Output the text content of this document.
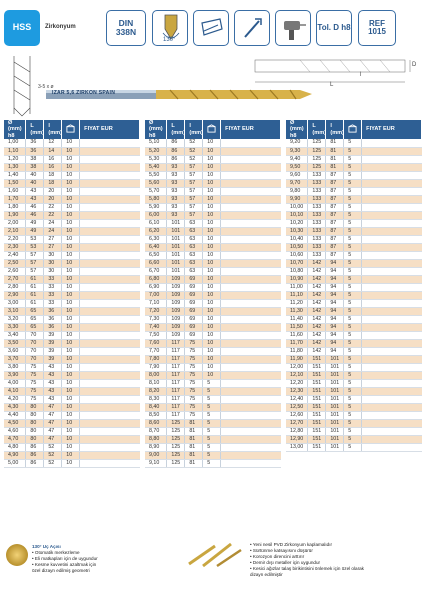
HSS	Zirkonyum	DIN 338N
130°
Tol. D h8	REF 1015
3-5 x ø
IZAR 5,6 ZIRKON SPAIN
D
L
l
Ø (mm) h8	L (mm)	l (mm)		FIYAT EUR
1,00	36	12	10	
1,10	36	14	10	
1,20	38	16	10	
1,30	38	16	10	
1,40	40	18	10	
1,50	40	18	10	
1,60	43	20	10	
1,70	43	20	10	
1,80	46	22	10	
1,90	46	22	10	
2,00	49	24	10	
2,10	49	24	10	
2,20	53	27	10	
2,30	53	27	10	
2,40	57	30	10	
2,50	57	30	10	
2,60	57	30	10	
2,70	61	33	10	
2,80	61	33	10	
2,90	61	33	10	
3,00	61	33	10	
3,10	65	36	10	
3,20	65	36	10	
3,30	65	36	10	
3,40	70	39	10	
3,50	70	39	10	
3,60	70	39	10	
3,70	70	39	10	
3,80	75	43	10	
3,90	75	43	10	
4,00	75	43	10	
4,10	75	43	10	
4,20	75	43	10	
4,30	80	47	10	
4,40	80	47	10	
4,50	80	47	10	
4,60	80	47	10	
4,70	80	47	10	
4,80	86	52	10	
4,90	86	52	10	
5,00	86	52	10	
Ø (mm) h8	L (mm)	l (mm)		FIYAT EUR
5,10	86	52	10	
5,20	86	52	10	
5,30	86	52	10	
5,40	93	57	10	
5,50	93	57	10	
5,60	93	57	10	
5,70	93	57	10	
5,80	93	57	10	
5,90	93	57	10	
6,00	93	57	10	
6,10	101	63	10	
6,20	101	63	10	
6,30	101	63	10	
6,40	101	63	10	
6,50	101	63	10	
6,60	101	63	10	
6,70	101	63	10	
6,80	109	69	10	
6,90	109	69	10	
7,00	109	69	10	
7,10	109	69	10	
7,20	109	69	10	
7,30	109	69	10	
7,40	109	69	10	
7,50	109	69	10	
7,60	117	75	10	
7,70	117	75	10	
7,80	117	75	10	
7,90	117	75	10	
8,00	117	75	10	
8,10	117	75	5	
8,20	117	75	5	
8,30	117	75	5	
8,40	117	75	5	
8,50	117	75	5	
8,60	125	81	5	
8,70	125	81	5	
8,80	125	81	5	
8,90	125	81	5	
9,00	125	81	5	
9,10	125	81	5	
Ø (mm) h8	L (mm)	l (mm)		FIYAT EUR
9,20	125	81	5	
9,30	125	81	5	
9,40	125	81	5	
9,50	125	81	5	
9,60	133	87	5	
9,70	133	87	5	
9,80	133	87	5	
9,90	133	87	5	
10,00	133	87	5	
10,10	133	87	5	
10,20	133	87	5	
10,30	133	87	5	
10,40	133	87	5	
10,50	133	87	5	
10,60	133	87	5	
10,70	142	94	5	
10,80	142	94	5	
10,90	142	94	5	
11,00	142	94	5	
11,10	142	94	5	
11,20	142	94	5	
11,30	142	94	5	
11,40	142	94	5	
11,50	142	94	5	
11,60	142	94	5	
11,70	142	94	5	
11,80	142	94	5	
11,90	151	101	5	
12,00	151	101	5	
12,10	151	101	5	
12,20	151	101	5	
12,30	151	101	5	
12,40	151	101	5	
12,50	151	101	5	
12,60	151	101	5	
12,70	151	101	5	
12,80	151	101	5	
12,90	151	101	5	
13,00	151	101	5	
130° Uç Açısı
• Otomatik merkezleme
• Eli matkapları için de uygundur
• Kesme kuvvetini azaltmak için
özel dizayn edilmiş geometri
• Yeni nesil PVD Zirkonyum kaplamalıdır
• Sürtünme katsayısını düşürür
• Korozyon direncini arttırır
• Demir dışı metaller için uygundur
• Kesici ağızlar talaş birikintisini önlemek için özel olarak
dizayn edilmiştir
